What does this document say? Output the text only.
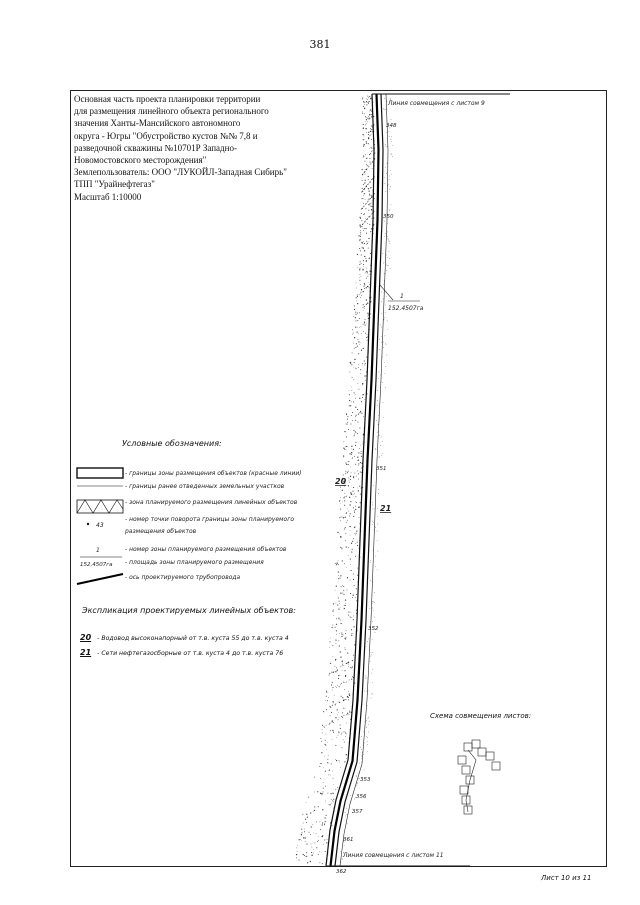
381
Основная часть проекта планировки территории
для размещения линейного объекта регионального
значения Ханты-Мансийского автономного
округа - Югры "Обустройство кустов №№ 7,8 и
разведочной скважины №10701Р Западно-
Новомостовского месторождения"
Землепользователь: ООО "ЛУКОЙЛ-Западная Сибирь"
ТПП "Урайнефтегаз"
Масштаб 1:10000
Линия совмещения с листом 9
Линия совмещения с листом 11
348
350
351
352
353
356
357
361
362
1
152,4507га
20
21
43
1
152,4507га
Условные обозначения:
- границы зоны размещения объектов (красные линии)
- границы ранее отведенных земельных участков
- зона планируемого размещения линейных объектов
- номер точки поворота границы зоны планируемого
размещения объектов
- номер зоны планируемого размещения объектов
- площадь зоны планируемого размещения
- ось проектируемого трубопровода
Экспликация проектируемых линейных объектов:
20 - Водовод высоконапорный от т.в. куста 55 до т.в. куста 4
21 - Сети нефтегазосборные от т.в. куста 4 до т.в. куста 76
Схема совмещения листов:
Лист 10 из 11
